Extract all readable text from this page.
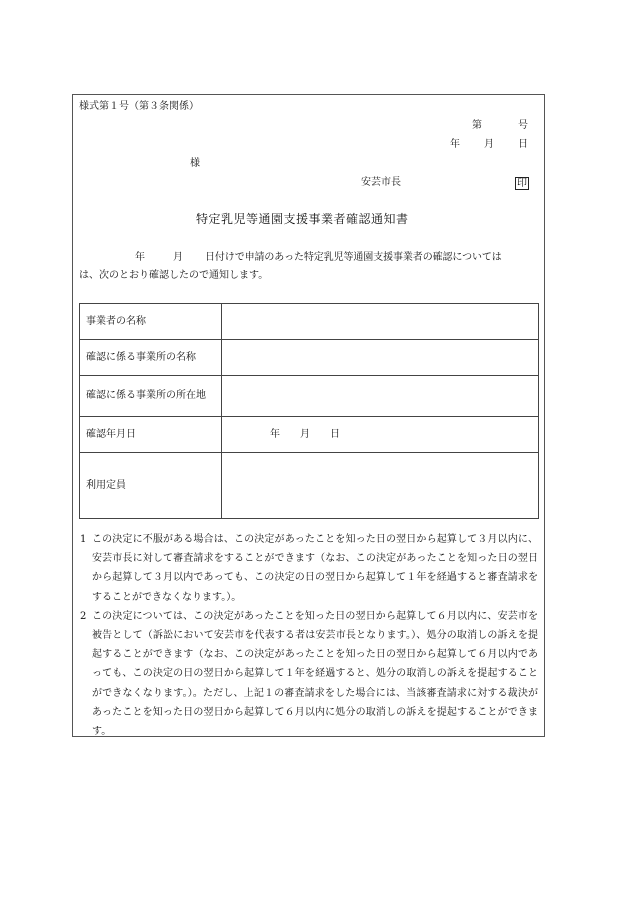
様式第１号（第３条関係）
第	号
年 月 日
様
安芸市長	印
特定乳児等通園支援事業者確認通知書
年	月 日付けで申請のあった特定乳児等通園支援事業者の確認については
は、次のとおり確認したので通知します。
事業者の名称	
確認に係る事業所の名称	
確認に係る事業所の所在地	
確認年月日	年　　月　　日
利用定員	
1 この決定に不服がある場合は、この決定があったことを知った日の翌日から起算して３月以内に、安芸市長に対して審査請求をすることができます（なお、この決定があったことを知った日の翌日から起算して３月以内であっても、この決定の日の翌日から起算して１年を経過すると審査請求をすることができなくなります。）。
2 この決定については、この決定があったことを知った日の翌日から起算して６月以内に、安芸市を被告として（訴訟において安芸市を代表する者は安芸市長となります。）、処分の取消しの訴えを提起することができます（なお、この決定があったことを知った日の翌日から起算して６月以内であっても、この決定の日の翌日から起算して１年を経過すると、処分の取消しの訴えを提起することができなくなります。）。ただし、上記１の審査請求をした場合には、当該審査請求に対する裁決があったことを知った日の翌日から起算して６月以内に処分の取消しの訴えを提起することができます。
